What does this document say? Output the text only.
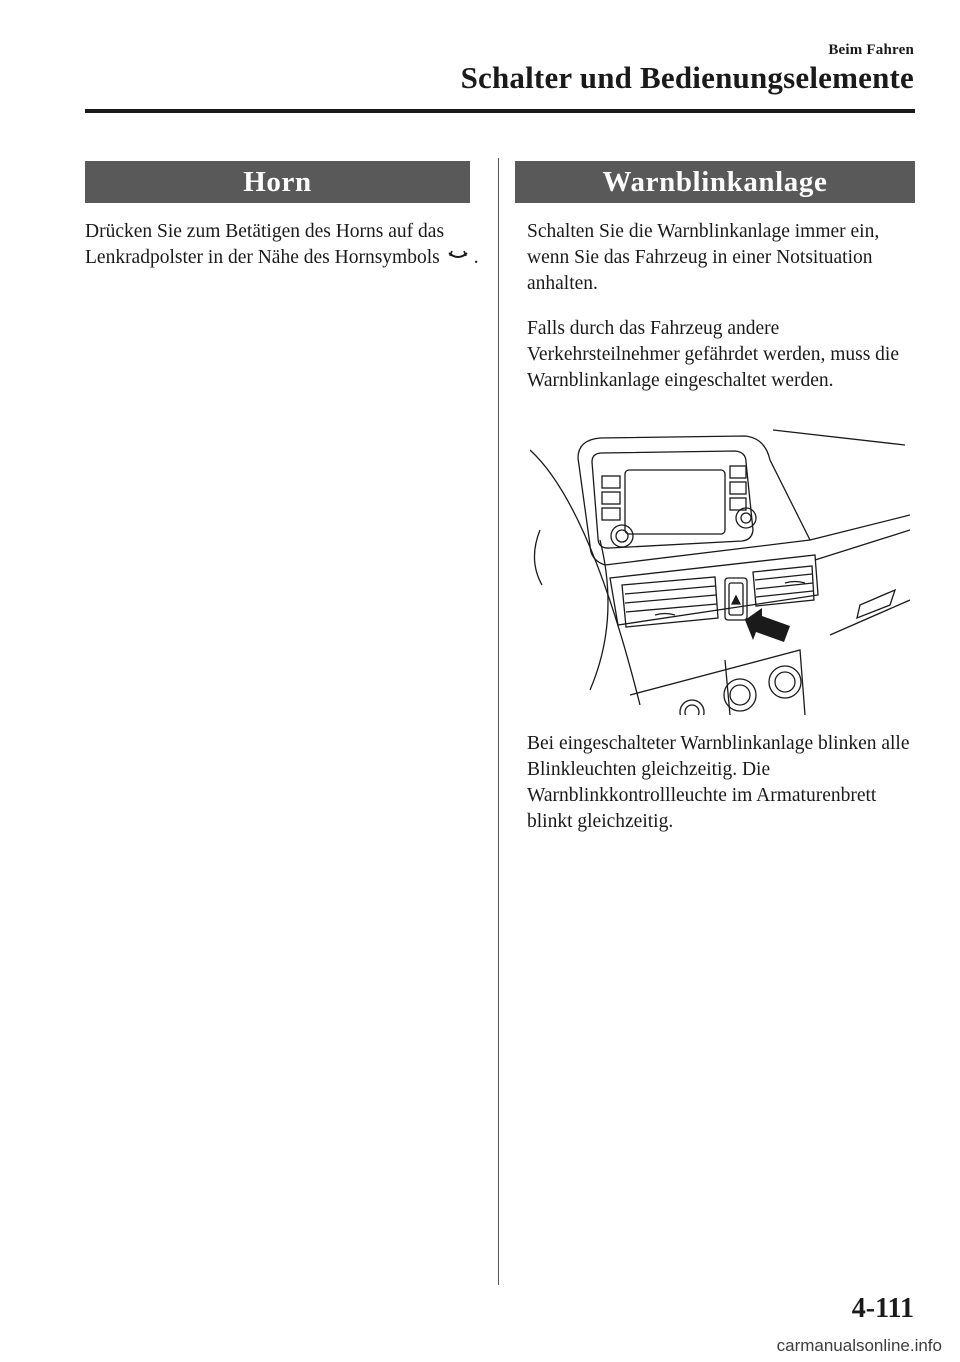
Beim Fahren
Schalter und Bedienungselemente
Horn

Drücken Sie zum Betätigen des Horns auf das Lenkradpolster in der Nähe des Hornsymbols .

Warnblinkanlage

Schalten Sie die Warnblinkanlage immer ein, wenn Sie das Fahrzeug in einer Notsituation anhalten.

Falls durch das Fahrzeug andere Verkehrsteilnehmer gefährdet werden, muss die Warnblinkanlage eingeschaltet werden.

Bei eingeschalteter Warnblinkanlage blinken alle Blinkleuchten gleichzeitig. Die Warnblinkkontrollleuchte im Armaturenbrett blinkt gleichzeitig.

4-111
carmanualsonline.info
